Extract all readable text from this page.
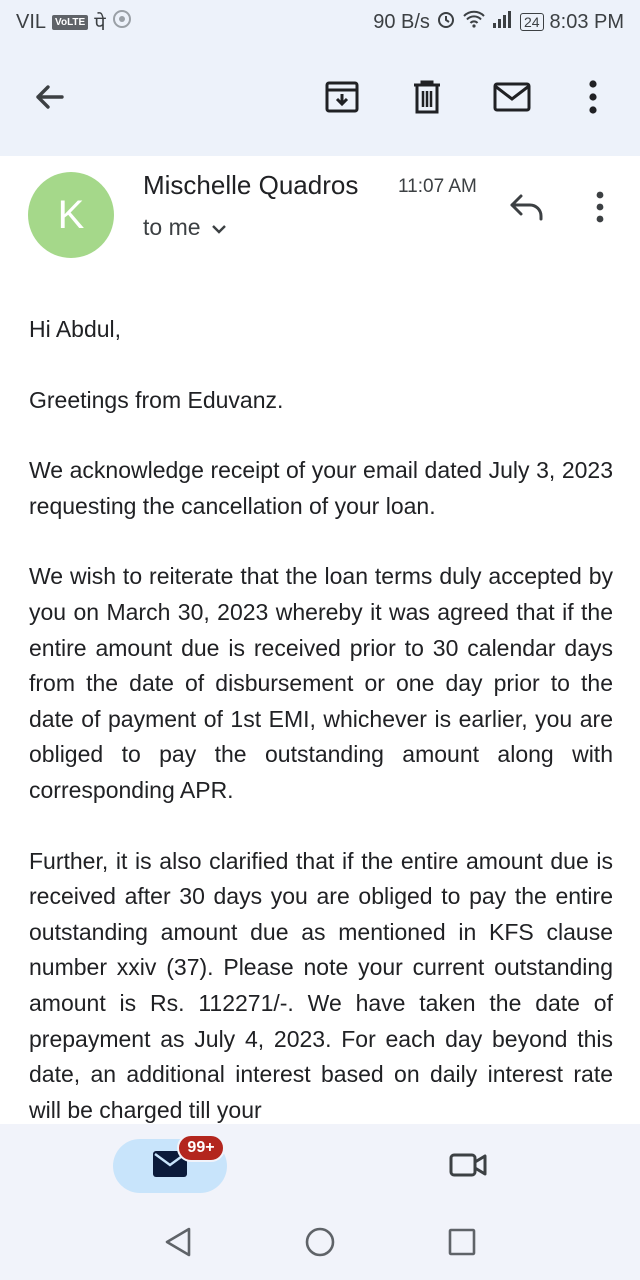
VIL VoLTE पे	90 B/s	24 8:03 PM
K
Mischelle Quadros 11:07 AM
to me

Hi Abdul,

Greetings from Eduvanz.

We acknowledge receipt of your email dated July 3, 2023 requesting the cancellation of your loan.

We wish to reiterate that the loan terms duly accepted by you on March 30, 2023 whereby it was agreed that if the entire amount due is received prior to 30 calendar days from the date of disbursement or one day prior to the date of payment of 1st EMI, whichever is earlier, you are obliged to pay the outstanding amount along with corresponding APR.

Further, it is also clarified that if the entire amount due is received after 30 days you are obliged to pay the entire outstanding amount due as mentioned in KFS clause number xxiv (37). Please note your current outstanding amount is Rs. 112271/-. We have taken the date of prepayment as July 4, 2023. For each day beyond this date, an additional interest based on daily interest rate will be charged till your

99+
